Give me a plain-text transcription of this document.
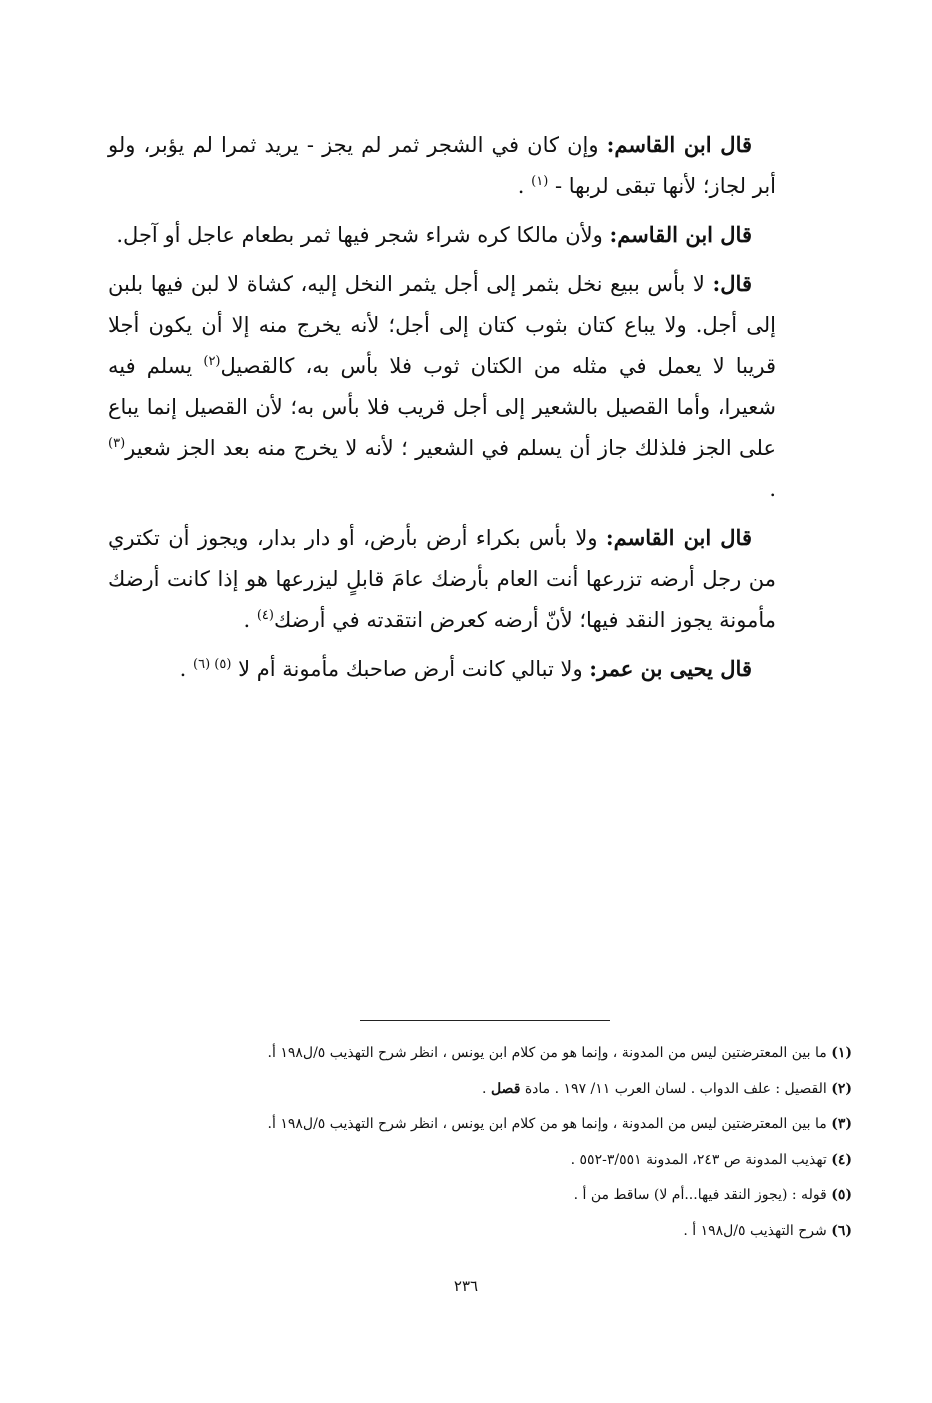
قال ابن القاسم: وإن كان في الشجر ثمر لم يجز - يريد ثمرا لم يؤبر، ولو أبر لجاز؛ لأنها تبقى لربها - $^{(١)}$ .

قال ابن القاسم: ولأن مالكا كره شراء شجر فيها ثمر بطعام عاجل أو آجل.

قال: لا بأس ببيع نخل بثمر إلى أجل يثمر النخل إليه، كشاة لا لبن فيها بلبن إلى أجل. ولا يباع كتان بثوب كتان إلى أجل؛ لأنه يخرج منه إلا أن يكون أجلا قريبا لا يعمل في مثله من الكتان ثوب فلا بأس به، كالقصيل$^{(٢)}$ يسلم فيه شعيرا، وأما القصيل بالشعير إلى أجل قريب فلا بأس به؛ لأن القصيل إنما يباع على الجز فلذلك جاز أن يسلم في الشعير ؛ لأنه لا يخرج منه بعد الجز شعير$^{(٣)}$ .

قال ابن القاسم: ولا بأس بكراء أرض بأرض، أو دار بدار، ويجوز أن تكتري من رجل أرضه تزرعها أنت العام بأرضك عامَ قابلٍ ليزرعها هو إذا كانت أرضك مأمونة يجوز النقد فيها؛ لأنّ أرضه كعرض انتقدته في أرضك$^{(٤)}$ .

قال يحيى بن عمر: ولا تبالي كانت أرض صاحبك مأمونة أم لا $^{(٥) (٦)}$ .

(١) ما بين المعترضتين ليس من المدونة ، وإنما هو من كلام ابن يونس ، انظر شرح التهذيب ٥/ل١٩٨ أ.

(٢) القصيل : علف الدواب . لسان العرب ١١/ ١٩٧ . مادة قصل .

(٣) ما بين المعترضتين ليس من المدونة ، وإنما هو من كلام ابن يونس ، انظر شرح التهذيب ٥/ل١٩٨ أ.

(٤) تهذيب المدونة ص ٢٤٣، المدونة ٣/٥٥١-٥٥٢ .

(٥) قوله : (يجوز النقد فيها...أم لا) ساقط من أ .

(٦) شرح التهذيب ٥/ل١٩٨ أ .

٢٣٦
